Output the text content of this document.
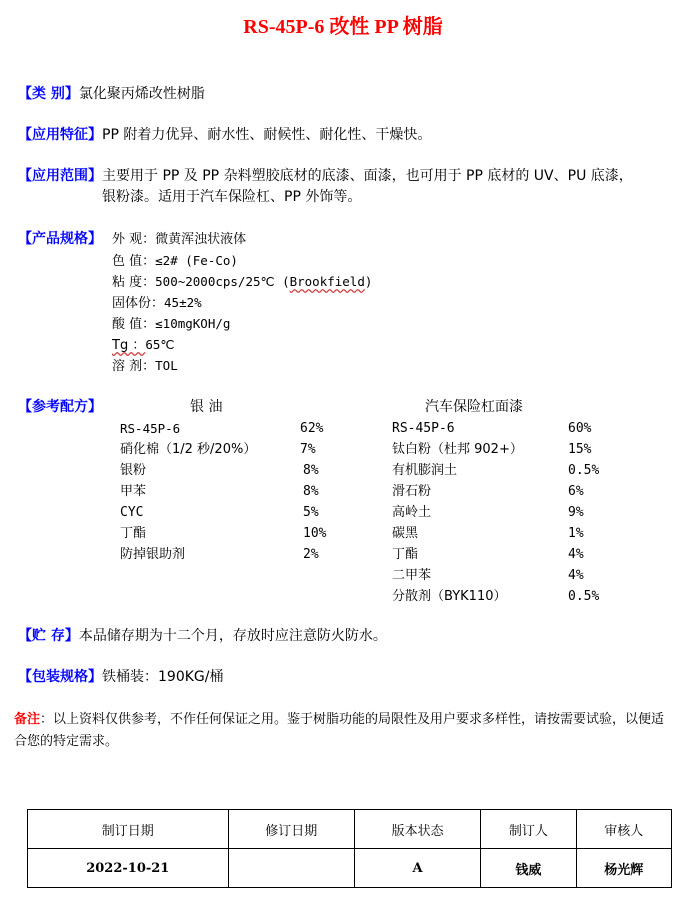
RS-45P-6 改性 PP 树脂
【类 别】氯化聚丙烯改性树脂
【应用特征】PP 附着力优异、耐水性、耐候性、耐化性、干燥快。
【应用范围】主要用于 PP 及 PP 杂料塑胶底材的底漆、面漆，也可用于 PP 底材的 UV、PU 底漆，
银粉漆。适用于汽车保险杠、PP 外饰等。
【产品规格】 外 观：微黄浑浊状液体
色 值：≤2# (Fe-Co)
粘 度：500~2000cps/25℃ (Brookfield)
固体份：45±2%
酸 值：≤10mgKOH/g
Tg ：65℃
溶 剂：TOL
【参考配方】	银 油	汽车保险杠面漆
RS-45P-6	62%
硝化棉（1/2 秒/20%）	7%
银粉	8%
甲苯	8%
CYC	5%
丁酯	10%
防掉银助剂	2%
RS-45P-6	60%
钛白粉（杜邦 902+）	15%
有机膨润土	0.5%
滑石粉	6%
高岭土	9%
碳黑	1%
丁酯	4%
二甲苯	4%
分散剂（BYK110）	0.5%
【贮 存】本品储存期为十二个月，存放时应注意防火防水。
【包装规格】铁桶装：190KG/桶
备注：以上资料仅供参考，不作任何保证之用。鉴于树脂功能的局限性及用户要求多样性，请按需要试验，以便适合您的特定需求。
制订日期	修订日期	版本状态	制订人	审核人
2022-10-21		A	钱威	杨光辉
